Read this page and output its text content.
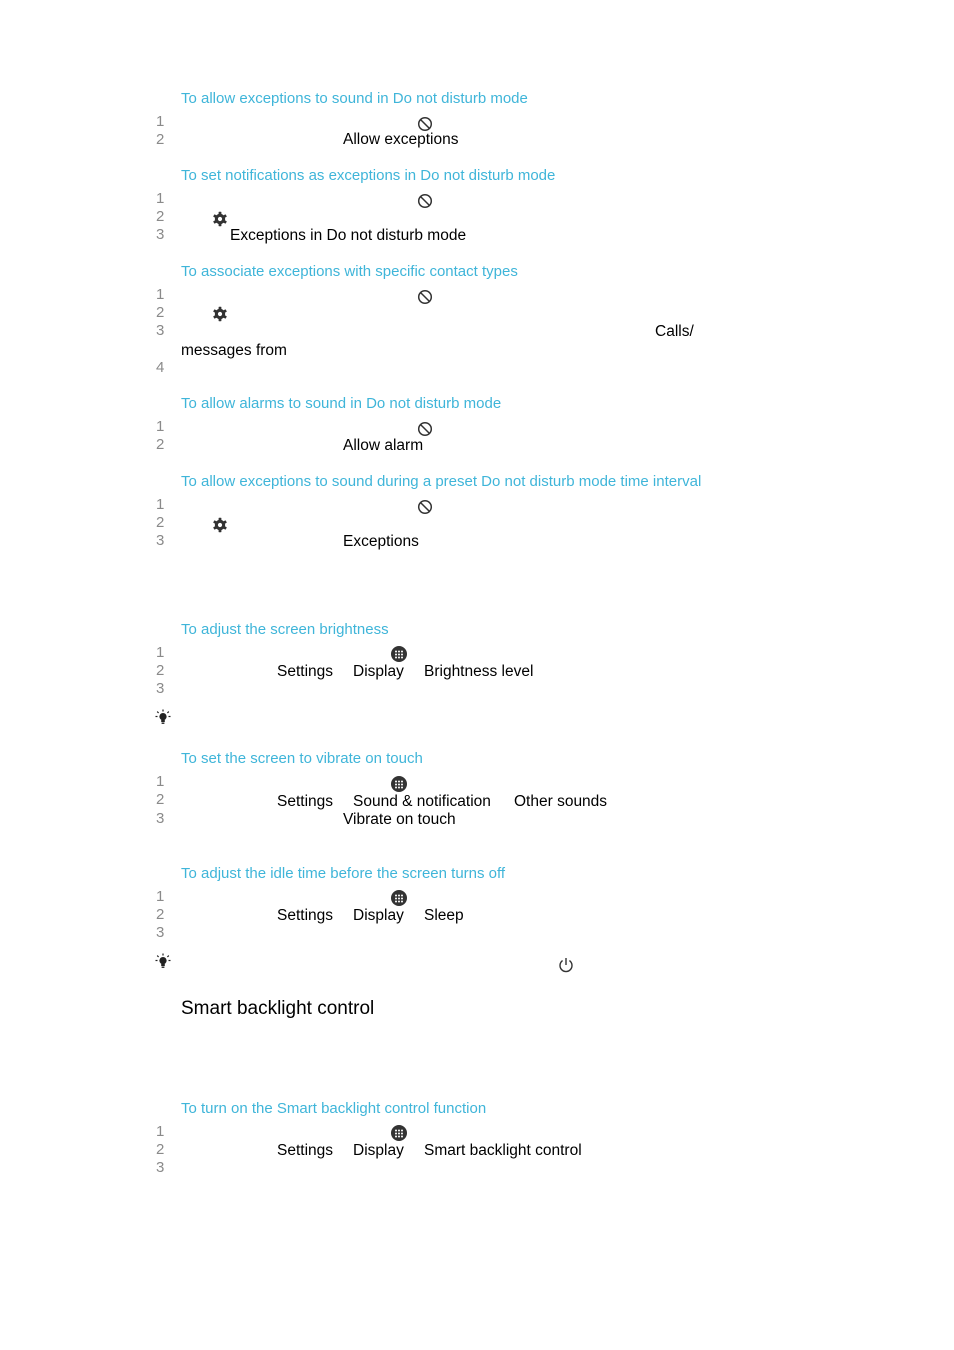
To allow exceptions to sound in Do not disturb mode
1
2	Allow exceptions
To set notifications as exceptions in Do not disturb mode
1
2
3	Exceptions in Do not disturb mode
To associate exceptions with specific contact types
1
2
3
4
Calls/
messages from
To allow alarms to sound in Do not disturb mode
1
2	Allow alarm
To allow exceptions to sound during a preset Do not disturb mode time interval
1
2
3	Exceptions
To adjust the screen brightness
1
2
3
Settings Display Brightness level
To set the screen to vibrate on touch
1
2
3
Settings Sound & notification Other sounds
Vibrate on touch
To adjust the idle time before the screen turns off
1
2
3
Settings Display Sleep
Smart backlight control
To turn on the Smart backlight control function
1
2
3
Settings Display Smart backlight control
